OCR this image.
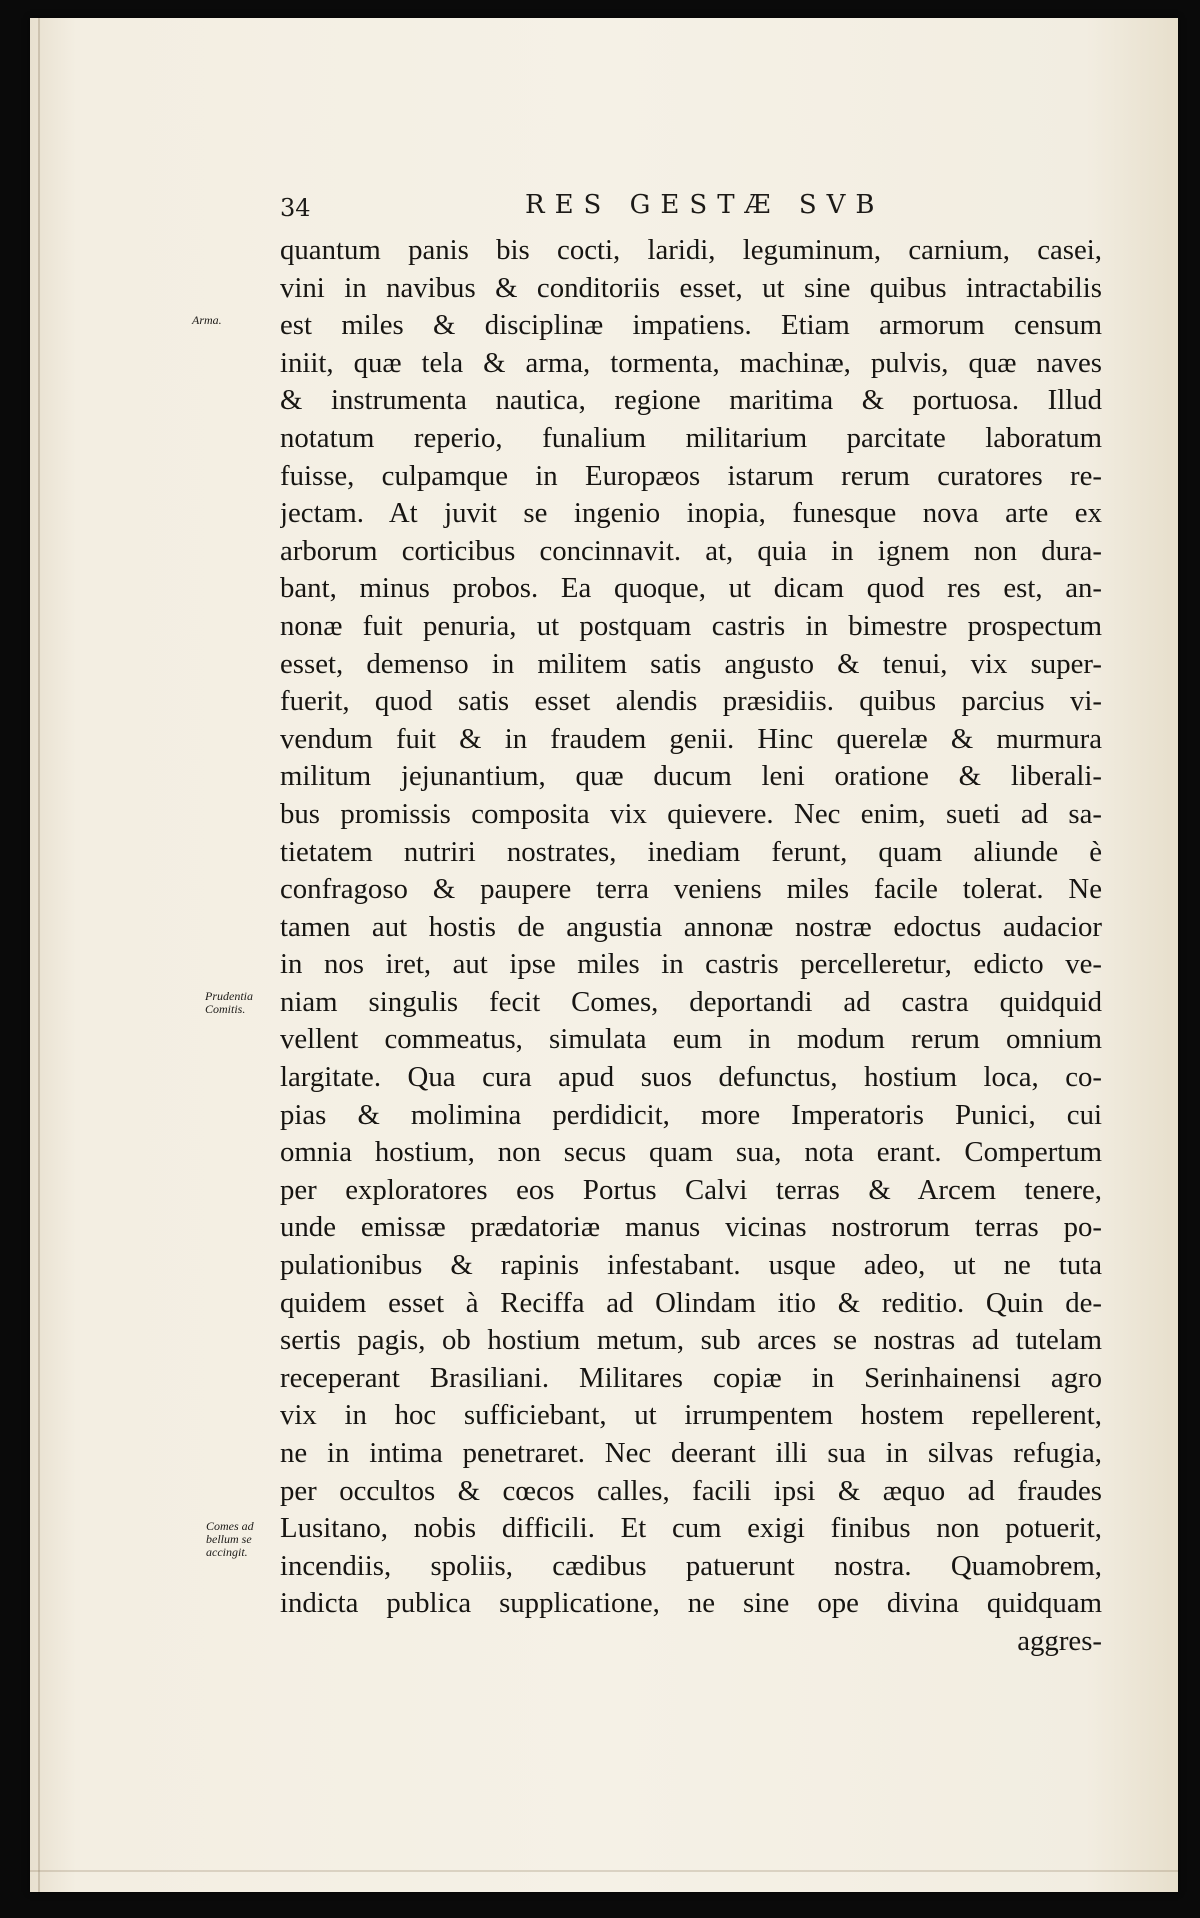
34	RES GESTÆ SVB
Arma.
Prudentia
Comitis.
Comes ad
bellum se
accingit.
quantum panis bis cocti, laridi, leguminum, carnium, casei,
vini in navibus & conditoriis esset, ut sine quibus intractabilis
est miles & disciplinæ impatiens. Etiam armorum censum
iniit, quæ tela & arma, tormenta, machinæ, pulvis, quæ naves
& instrumenta nautica, regione maritima & portuosa. Illud
notatum reperio, funalium militarium parcitate laboratum
fuisse, culpamque in Europæos istarum rerum curatores re-
jectam. At juvit se ingenio inopia, funesque nova arte ex
arborum corticibus concinnavit. at, quia in ignem non dura-
bant, minus probos. Ea quoque, ut dicam quod res est, an-
nonæ fuit penuria, ut postquam castris in bimestre prospectum
esset, demenso in militem satis angusto & tenui, vix super-
fuerit, quod satis esset alendis præsidiis. quibus parcius vi-
vendum fuit & in fraudem genii. Hinc querelæ & murmura
militum jejunantium, quæ ducum leni oratione & liberali-
bus promissis composita vix quievere. Nec enim, sueti ad sa-
tietatem nutriri nostrates, inediam ferunt, quam aliunde è
confragoso & paupere terra veniens miles facile tolerat. Ne
tamen aut hostis de angustia annonæ nostræ edoctus audacior
in nos iret, aut ipse miles in castris percelleretur, edicto ve-
niam singulis fecit Comes, deportandi ad castra quidquid
vellent commeatus, simulata eum in modum rerum omnium
largitate. Qua cura apud suos defunctus, hostium loca, co-
pias & molimina perdidicit, more Imperatoris Punici, cui
omnia hostium, non secus quam sua, nota erant. Compertum
per exploratores eos Portus Calvi terras & Arcem tenere,
unde emissæ prædatoriæ manus vicinas nostrorum terras po-
pulationibus & rapinis infestabant. usque adeo, ut ne tuta
quidem esset à Reciffa ad Olindam itio & reditio. Quin de-
sertis pagis, ob hostium metum, sub arces se nostras ad tutelam
receperant Brasiliani. Militares copiæ in Serinhainensi agro
vix in hoc sufficiebant, ut irrumpentem hostem repellerent,
ne in intima penetraret. Nec deerant illi sua in silvas refugia,
per occultos & cœcos calles, facili ipsi & æquo ad fraudes
Lusitano, nobis difficili. Et cum exigi finibus non potuerit,
incendiis, spoliis, cædibus patuerunt nostra. Quamobrem,
indicta publica supplicatione, ne sine ope divina quidquam
aggres-
